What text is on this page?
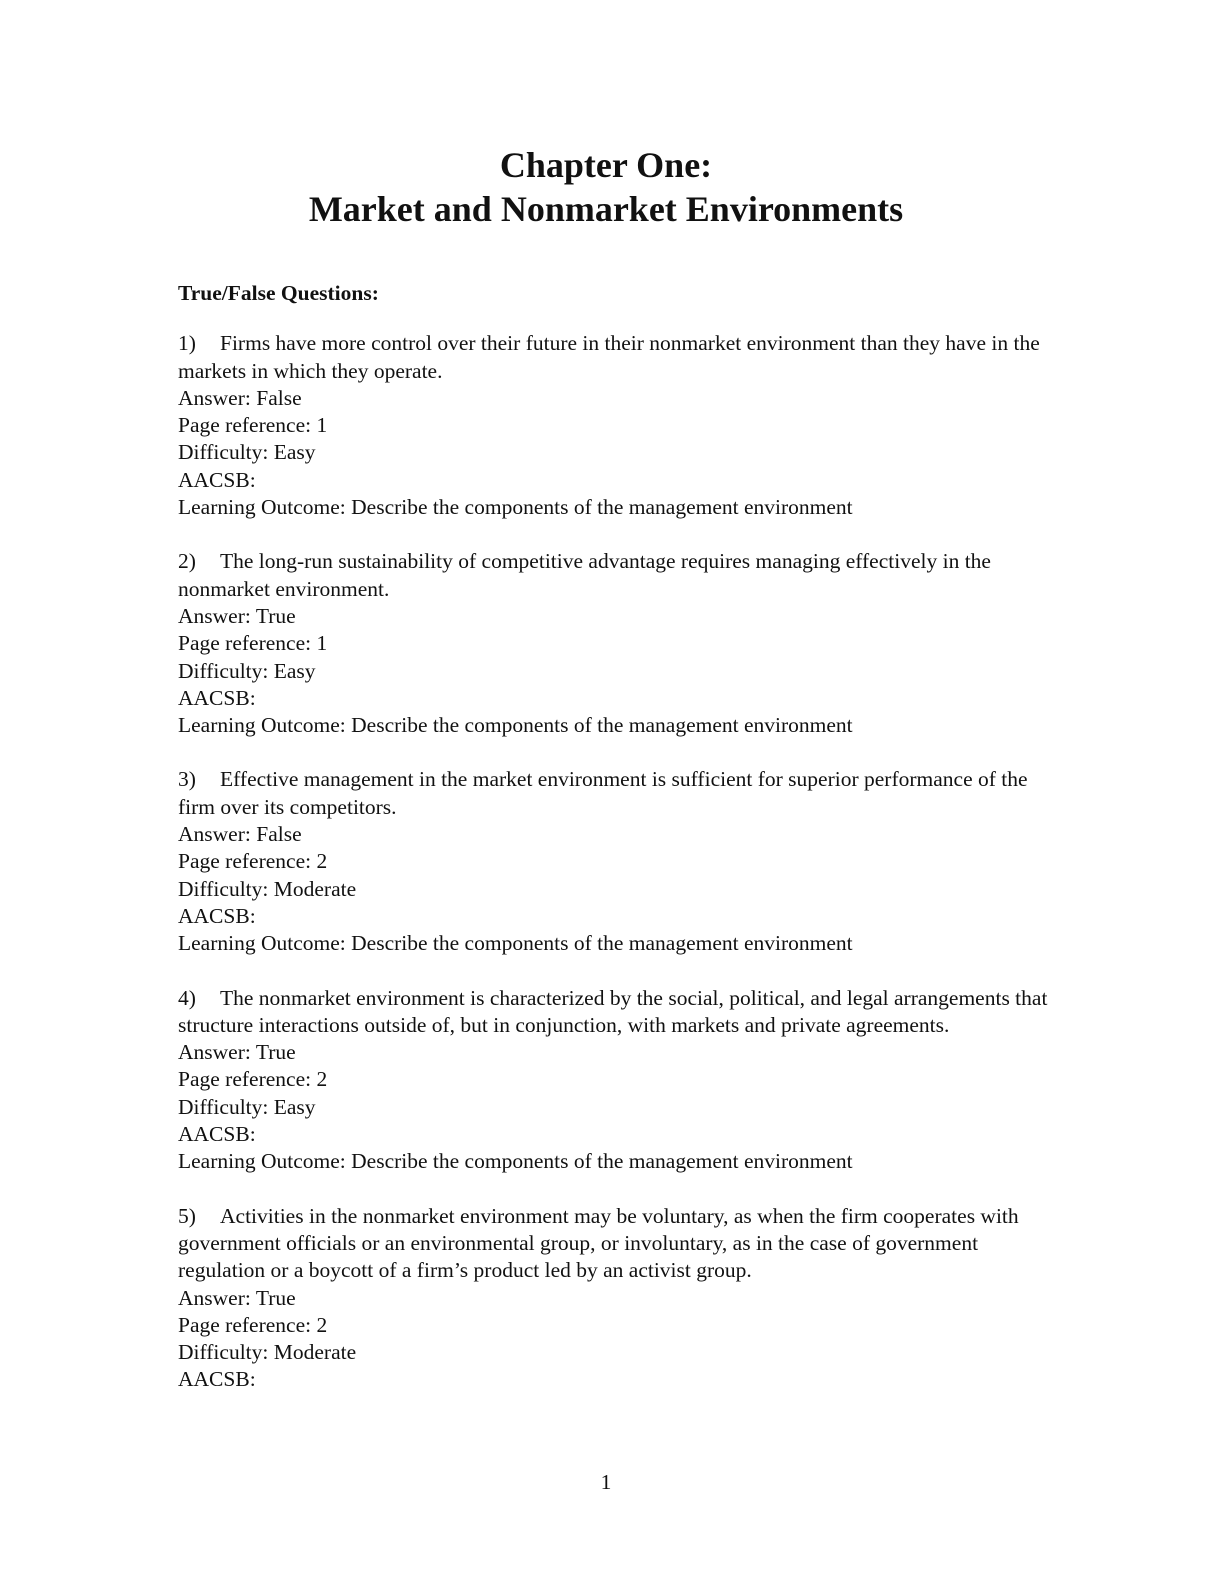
Chapter One:
Market and Nonmarket Environments
True/False Questions:
1) Firms have more control over their future in their nonmarket environment than they have in the markets in which they operate.
Answer: False
Page reference: 1
Difficulty: Easy
AACSB:
Learning Outcome: Describe the components of the management environment
2) The long-run sustainability of competitive advantage requires managing effectively in the nonmarket environment.
Answer: True
Page reference: 1
Difficulty: Easy
AACSB:
Learning Outcome: Describe the components of the management environment
3) Effective management in the market environment is sufficient for superior performance of the firm over its competitors.
Answer: False
Page reference: 2
Difficulty: Moderate
AACSB:
Learning Outcome: Describe the components of the management environment
4) The nonmarket environment is characterized by the social, political, and legal arrangements that structure interactions outside of, but in conjunction, with markets and private agreements.
Answer: True
Page reference: 2
Difficulty: Easy
AACSB:
Learning Outcome: Describe the components of the management environment
5) Activities in the nonmarket environment may be voluntary, as when the firm cooperates with government officials or an environmental group, or involuntary, as in the case of government regulation or a boycott of a firm’s product led by an activist group.
Answer: True
Page reference: 2
Difficulty: Moderate
AACSB:
1
